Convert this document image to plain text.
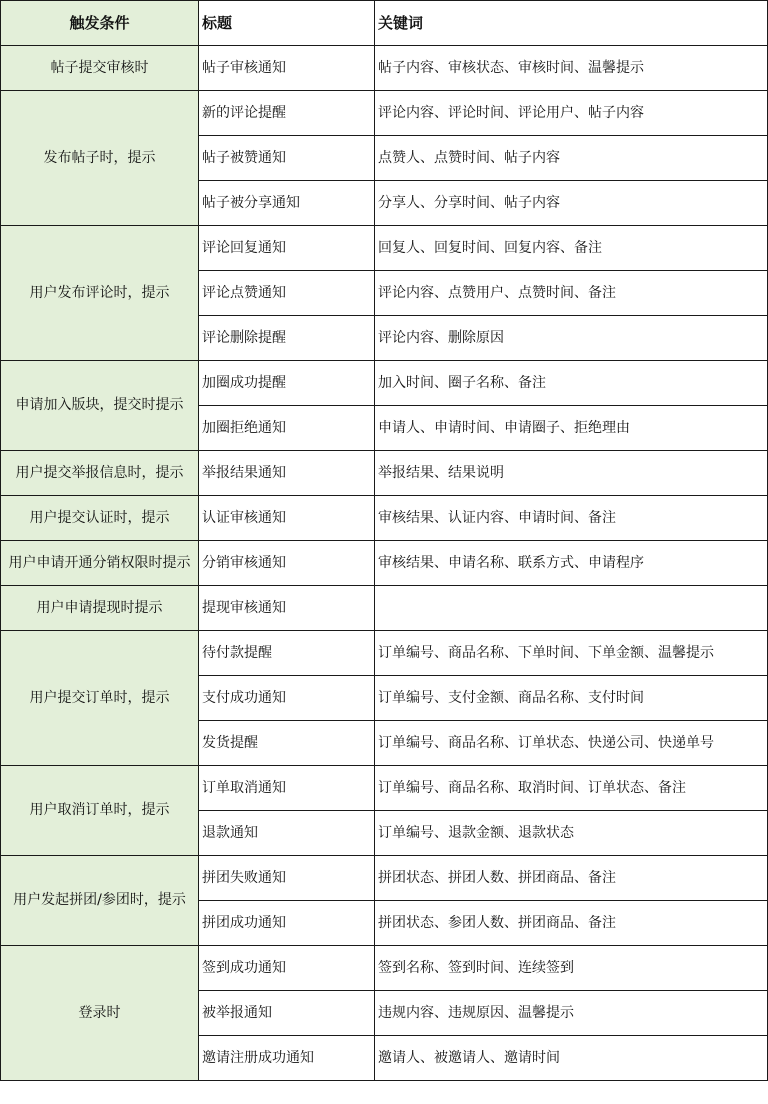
触发条件	标题	关键词
帖子提交审核时	帖子审核通知	帖子内容、审核状态、审核时间、温馨提示
发布帖子时，提示	新的评论提醒	评论内容、评论时间、评论用户、帖子内容
	帖子被赞通知	点赞人、点赞时间、帖子内容
	帖子被分享通知	分享人、分享时间、帖子内容
用户发布评论时，提示	评论回复通知	回复人、回复时间、回复内容、备注
	评论点赞通知	评论内容、点赞用户、点赞时间、备注
	评论删除提醒	评论内容、删除原因
申请加入版块，提交时提示	加圈成功提醒	加入时间、圈子名称、备注
	加圈拒绝通知	申请人、申请时间、申请圈子、拒绝理由
用户提交举报信息时，提示	举报结果通知	举报结果、结果说明
用户提交认证时，提示	认证审核通知	审核结果、认证内容、申请时间、备注
用户申请开通分销权限时提示	分销审核通知	审核结果、申请名称、联系方式、申请程序
用户申请提现时提示	提现审核通知	
用户提交订单时，提示	待付款提醒	订单编号、商品名称、下单时间、下单金额、温馨提示
	支付成功通知	订单编号、支付金额、商品名称、支付时间
	发货提醒	订单编号、商品名称、订单状态、快递公司、快递单号
用户取消订单时，提示	订单取消通知	订单编号、商品名称、取消时间、订单状态、备注
	退款通知	订单编号、退款金额、退款状态
用户发起拼团/参团时，提示	拼团失败通知	拼团状态、拼团人数、拼团商品、备注
	拼团成功通知	拼团状态、参团人数、拼团商品、备注
登录时	签到成功通知	签到名称、签到时间、连续签到
	被举报通知	违规内容、违规原因、温馨提示
	邀请注册成功通知	邀请人、被邀请人、邀请时间
